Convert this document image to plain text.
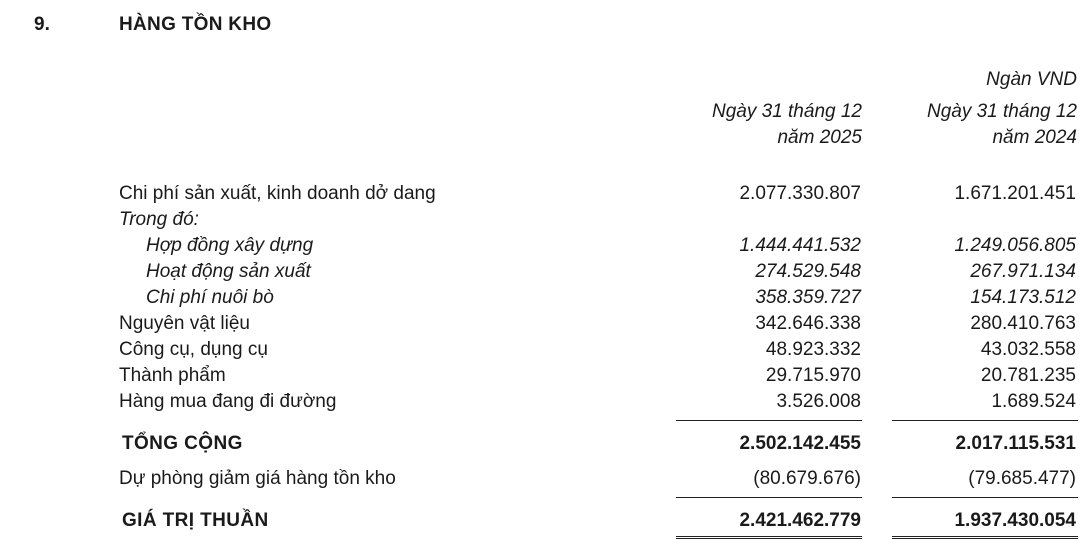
9.	HÀNG TỒN KHO
Ngàn VND
Ngày 31 tháng 12
năm 2025
Ngày 31 tháng 12
năm 2024
Chi phí sản xuất, kinh doanh dở dang	2.077.330.807	1.671.201.451
Trong đó:
Hợp đồng xây dựng	1.444.441.532	1.249.056.805
Hoạt động sản xuất	274.529.548	267.971.134
Chi phí nuôi bò	358.359.727	154.173.512
Nguyên vật liệu	342.646.338	280.410.763
Công cụ, dụng cụ	48.923.332	43.032.558
Thành phẩm	29.715.970	20.781.235
Hàng mua đang đi đường	3.526.008	1.689.524
TỔNG CỘNG	2.502.142.455	2.017.115.531
Dự phòng giảm giá hàng tồn kho	(80.679.676)	(79.685.477)
GIÁ TRỊ THUẦN	2.421.462.779	1.937.430.054
